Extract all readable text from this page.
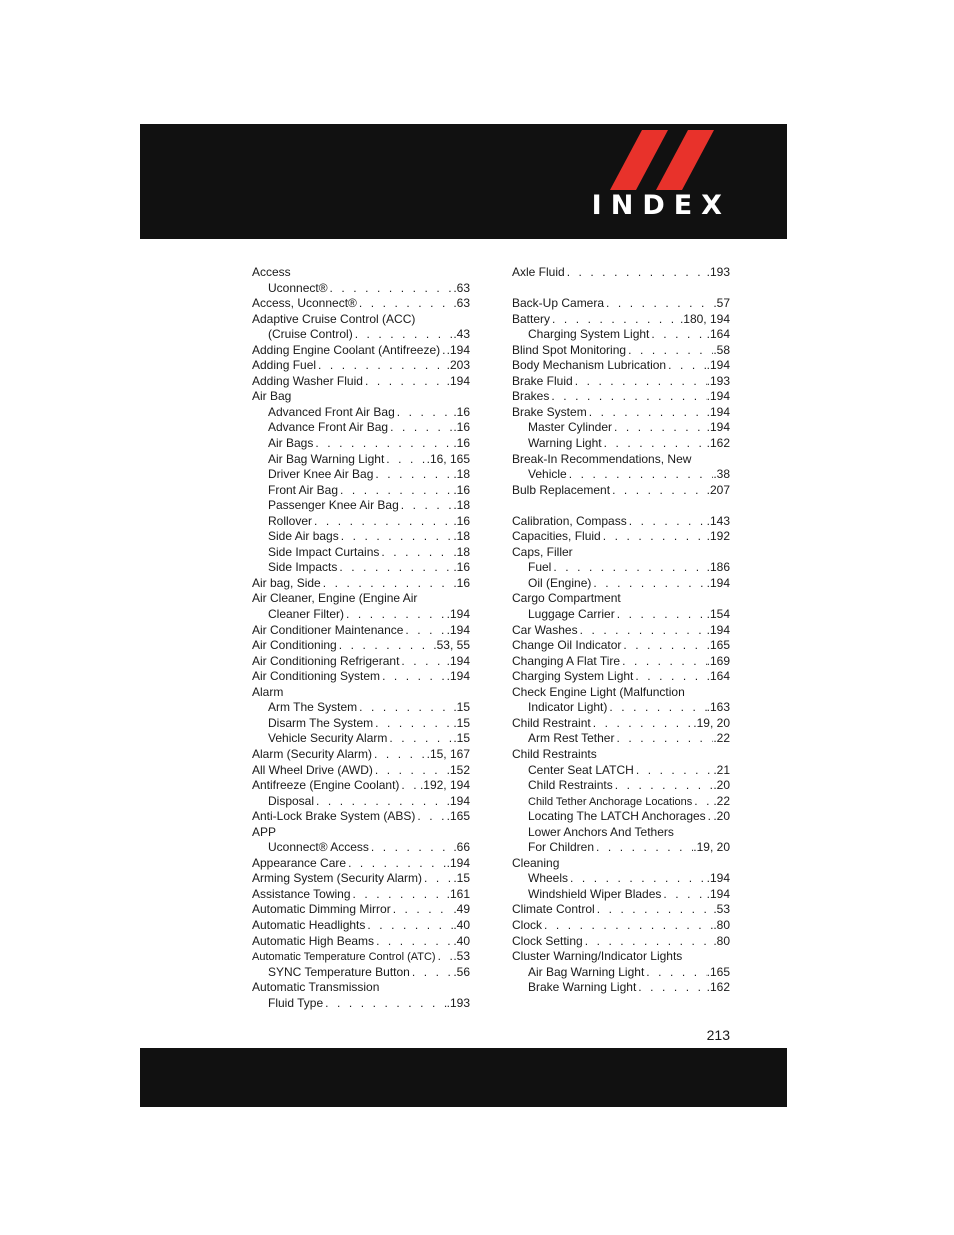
INDEX
Access
Uconnect® . . .	.63
Access, Uconnect® . . .	.63
Adaptive Cruise Control (ACC)
(Cruise Control) . . .	.43
Adding Engine Coolant (Antifreeze) . . . .194
Adding Fuel . . .	.203
Adding Washer Fluid . . .	.194
Air Bag
Advanced Front Air Bag . . .	.16
Advance Front Air Bag . . .	.16
Air Bags . . .	.16
Air Bag Warning Light . . .	.16, 165
Driver Knee Air Bag . . .	.18
Front Air Bag . . .	.16
Passenger Knee Air Bag . . .	.18
Rollover . . .	.16
Side Air bags . . .	.18
Side Impact Curtains . . .	.18
Side Impacts . . .	.16
Air bag, Side . . .	.16
Air Cleaner, Engine (Engine Air
Cleaner Filter) . . .	.194
Air Conditioner Maintenance . . .	.194
Air Conditioning . . .	.53, 55
Air Conditioning Refrigerant . . .	.194
Air Conditioning System . . .	.194
Alarm
Arm The System . . .	.15
Disarm The System . . .	.15
Vehicle Security Alarm . . .	.15
Alarm (Security Alarm) . . .	.15, 167
All Wheel Drive (AWD) . . .	.152
Antifreeze (Engine Coolant) . . . .192, 194
Disposal . . .	.194
Anti-Lock Brake System (ABS) . . .	.165
APP
Uconnect® Access . . .	.66
Appearance Care . . .	.194
Arming System (Security Alarm) . . .	.15
Assistance Towing . . .	.161
Automatic Dimming Mirror . . .	.49
Automatic Headlights . . .	.40
Automatic High Beams . . .	.40
Automatic Temperature Control (ATC) . . . .53
SYNC Temperature Button . . .	.56
Automatic Transmission
Fluid Type . . .	.193
Axle Fluid . . .	.193
Back-Up Camera . . .	.57
Battery . . .	.180, 194
Charging System Light . . .	.164
Blind Spot Monitoring . . .	.58
Body Mechanism Lubrication . . .	.194
Brake Fluid . . .	.193
Brakes . . .	.194
Brake System . . .	.194
Master Cylinder . . .	.194
Warning Light . . .	.162
Break-In Recommendations, New
Vehicle . . .	.38
Bulb Replacement . . .	.207
Calibration, Compass . . .	.143
Capacities, Fluid . . .	.192
Caps, Filler
Fuel . . .	.186
Oil (Engine) . . .	.194
Cargo Compartment
Luggage Carrier . . .	.154
Car Washes . . .	.194
Change Oil Indicator . . .	.165
Changing A Flat Tire . . .	.169
Charging System Light . . .	.164
Check Engine Light (Malfunction
Indicator Light) . . .	.163
Child Restraint . . .	.19, 20
Arm Rest Tether . . .	.22
Child Restraints
Center Seat LATCH . . .	.21
Child Restraints . . .	.20
Child Tether Anchorage Locations . . . .22
Locating The LATCH Anchorages . . . .20
Lower Anchors And Tethers
For Children . . .	.19, 20
Cleaning
Wheels . . .	.194
Windshield Wiper Blades . . .	.194
Climate Control . . .	.53
Clock . . .	.80
Clock Setting . . .	.80
Cluster Warning/Indicator Lights
Air Bag Warning Light . . .	.165
Brake Warning Light . . .	.162
213
